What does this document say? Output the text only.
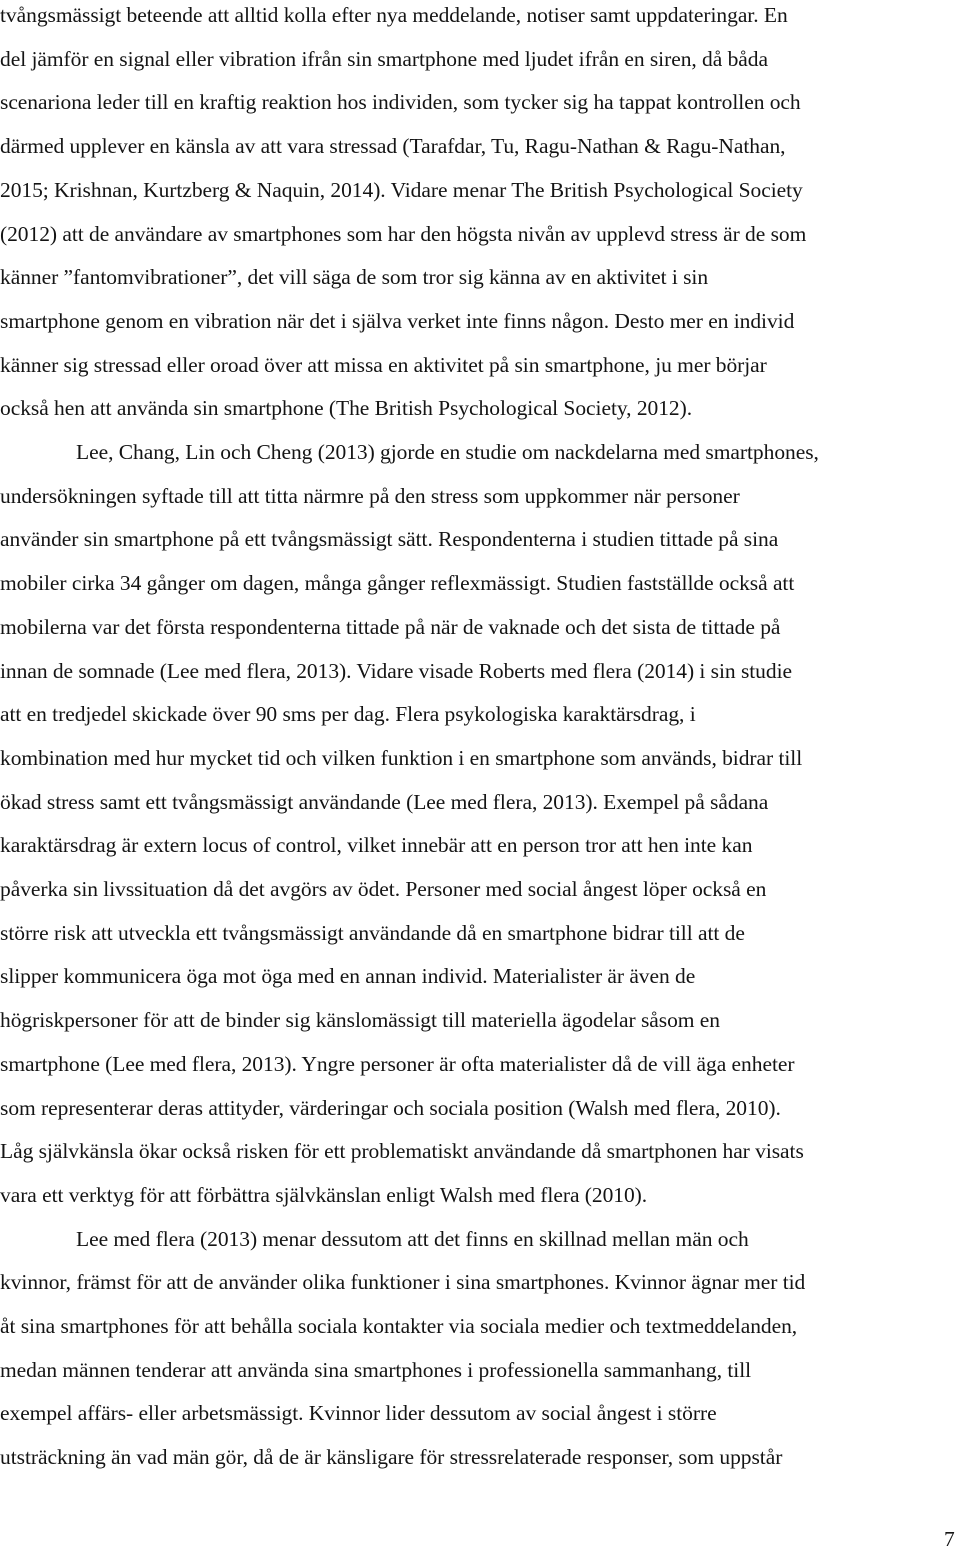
tvångsmässigt beteende att alltid kolla efter nya meddelande, notiser samt uppdateringar. En
del jämför en signal eller vibration ifrån sin smartphone med ljudet ifrån en siren, då båda
scenariona leder till en kraftig reaktion hos individen, som tycker sig ha tappat kontrollen och
därmed upplever en känsla av att vara stressad (Tarafdar, Tu, Ragu-Nathan & Ragu-Nathan,
2015; Krishnan, Kurtzberg & Naquin, 2014). Vidare menar The British Psychological Society
(2012) att de användare av smartphones som har den högsta nivån av upplevd stress är de som
känner ”fantomvibrationer”, det vill säga de som tror sig känna av en aktivitet i sin
smartphone genom en vibration när det i själva verket inte finns någon. Desto mer en individ
känner sig stressad eller oroad över att missa en aktivitet på sin smartphone, ju mer börjar
också hen att använda sin smartphone (The British Psychological Society, 2012).
Lee, Chang, Lin och Cheng (2013) gjorde en studie om nackdelarna med smartphones,
undersökningen syftade till att titta närmre på den stress som uppkommer när personer
använder sin smartphone på ett tvångsmässigt sätt. Respondenterna i studien tittade på sina
mobiler cirka 34 gånger om dagen, många gånger reflexmässigt. Studien fastställde också att
mobilerna var det första respondenterna tittade på när de vaknade och det sista de tittade på
innan de somnade (Lee med flera, 2013). Vidare visade Roberts med flera (2014) i sin studie
att en tredjedel skickade över 90 sms per dag. Flera psykologiska karaktärsdrag, i
kombination med hur mycket tid och vilken funktion i en smartphone som används, bidrar till
ökad stress samt ett tvångsmässigt användande (Lee med flera, 2013). Exempel på sådana
karaktärsdrag är extern locus of control, vilket innebär att en person tror att hen inte kan
påverka sin livssituation då det avgörs av ödet. Personer med social ångest löper också en
större risk att utveckla ett tvångsmässigt användande då en smartphone bidrar till att de
slipper kommunicera öga mot öga med en annan individ. Materialister är även de
högriskpersoner för att de binder sig känslomässigt till materiella ägodelar såsom en
smartphone (Lee med flera, 2013). Yngre personer är ofta materialister då de vill äga enheter
som representerar deras attityder, värderingar och sociala position (Walsh med flera, 2010).
Låg självkänsla ökar också risken för ett problematiskt användande då smartphonen har visats
vara ett verktyg för att förbättra självkänslan enligt Walsh med flera (2010).
Lee med flera (2013) menar dessutom att det finns en skillnad mellan män och
kvinnor, främst för att de använder olika funktioner i sina smartphones. Kvinnor ägnar mer tid
åt sina smartphones för att behålla sociala kontakter via sociala medier och textmeddelanden,
medan männen tenderar att använda sina smartphones i professionella sammanhang, till
exempel affärs- eller arbetsmässigt. Kvinnor lider dessutom av social ångest i större
utsträckning än vad män gör, då de är känsligare för stressrelaterade responser, som uppstår
7
